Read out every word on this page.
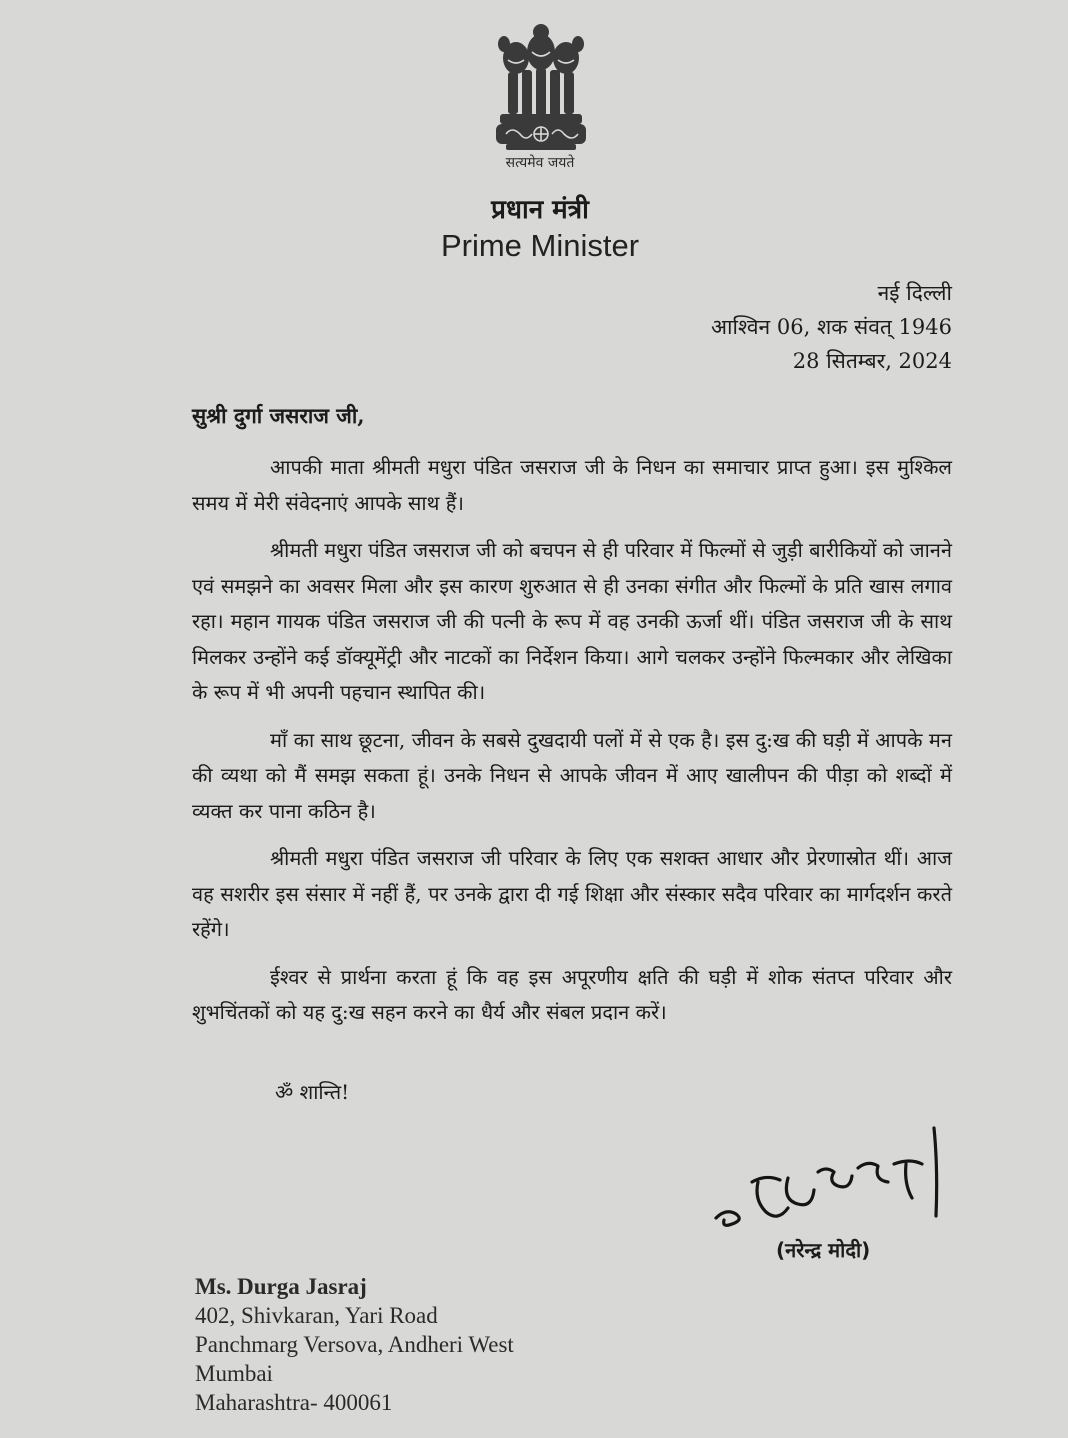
सत्यमेव जयते
प्रधान मंत्री
Prime Minister
नई दिल्ली
आश्विन 06, शक संवत् 1946
28 सितम्बर, 2024
सुश्री दुर्गा जसराज जी,

आपकी माता श्रीमती मधुरा पंडित जसराज जी के निधन का समाचार प्राप्त हुआ। इस मुश्किल समय में मेरी संवेदनाएं आपके साथ हैं।

श्रीमती मधुरा पंडित जसराज जी को बचपन से ही परिवार में फिल्मों से जुड़ी बारीकियों को जानने एवं समझने का अवसर मिला और इस कारण शुरुआत से ही उनका संगीत और फिल्मों के प्रति खास लगाव रहा। महान गायक पंडित जसराज जी की पत्नी के रूप में वह उनकी ऊर्जा थीं। पंडित जसराज जी के साथ मिलकर उन्होंने कई डॉक्यूमेंट्री और नाटकों का निर्देशन किया। आगे चलकर उन्होंने फिल्मकार और लेखिका के रूप में भी अपनी पहचान स्थापित की।

माँ का साथ छूटना, जीवन के सबसे दुखदायी पलों में से एक है। इस दु:ख की घड़ी में आपके मन की व्यथा को मैं समझ सकता हूं। उनके निधन से आपके जीवन में आए खालीपन की पीड़ा को शब्दों में व्यक्त कर पाना कठिन है।

श्रीमती मधुरा पंडित जसराज जी परिवार के लिए एक सशक्त आधार और प्रेरणास्रोत थीं। आज वह सशरीर इस संसार में नहीं हैं, पर उनके द्वारा दी गई शिक्षा और संस्कार सदैव परिवार का मार्गदर्शन करते रहेंगे।

ईश्वर से प्रार्थना करता हूं कि वह इस अपूरणीय क्षति की घड़ी में शोक संतप्त परिवार और शुभचिंतकों को यह दु:ख सहन करने का धैर्य और संबल प्रदान करें।

ॐ शान्ति!
(नरेन्द्र मोदी)
Ms. Durga Jasraj
402, Shivkaran, Yari Road
Panchmarg Versova, Andheri West
Mumbai
Maharashtra- 400061
